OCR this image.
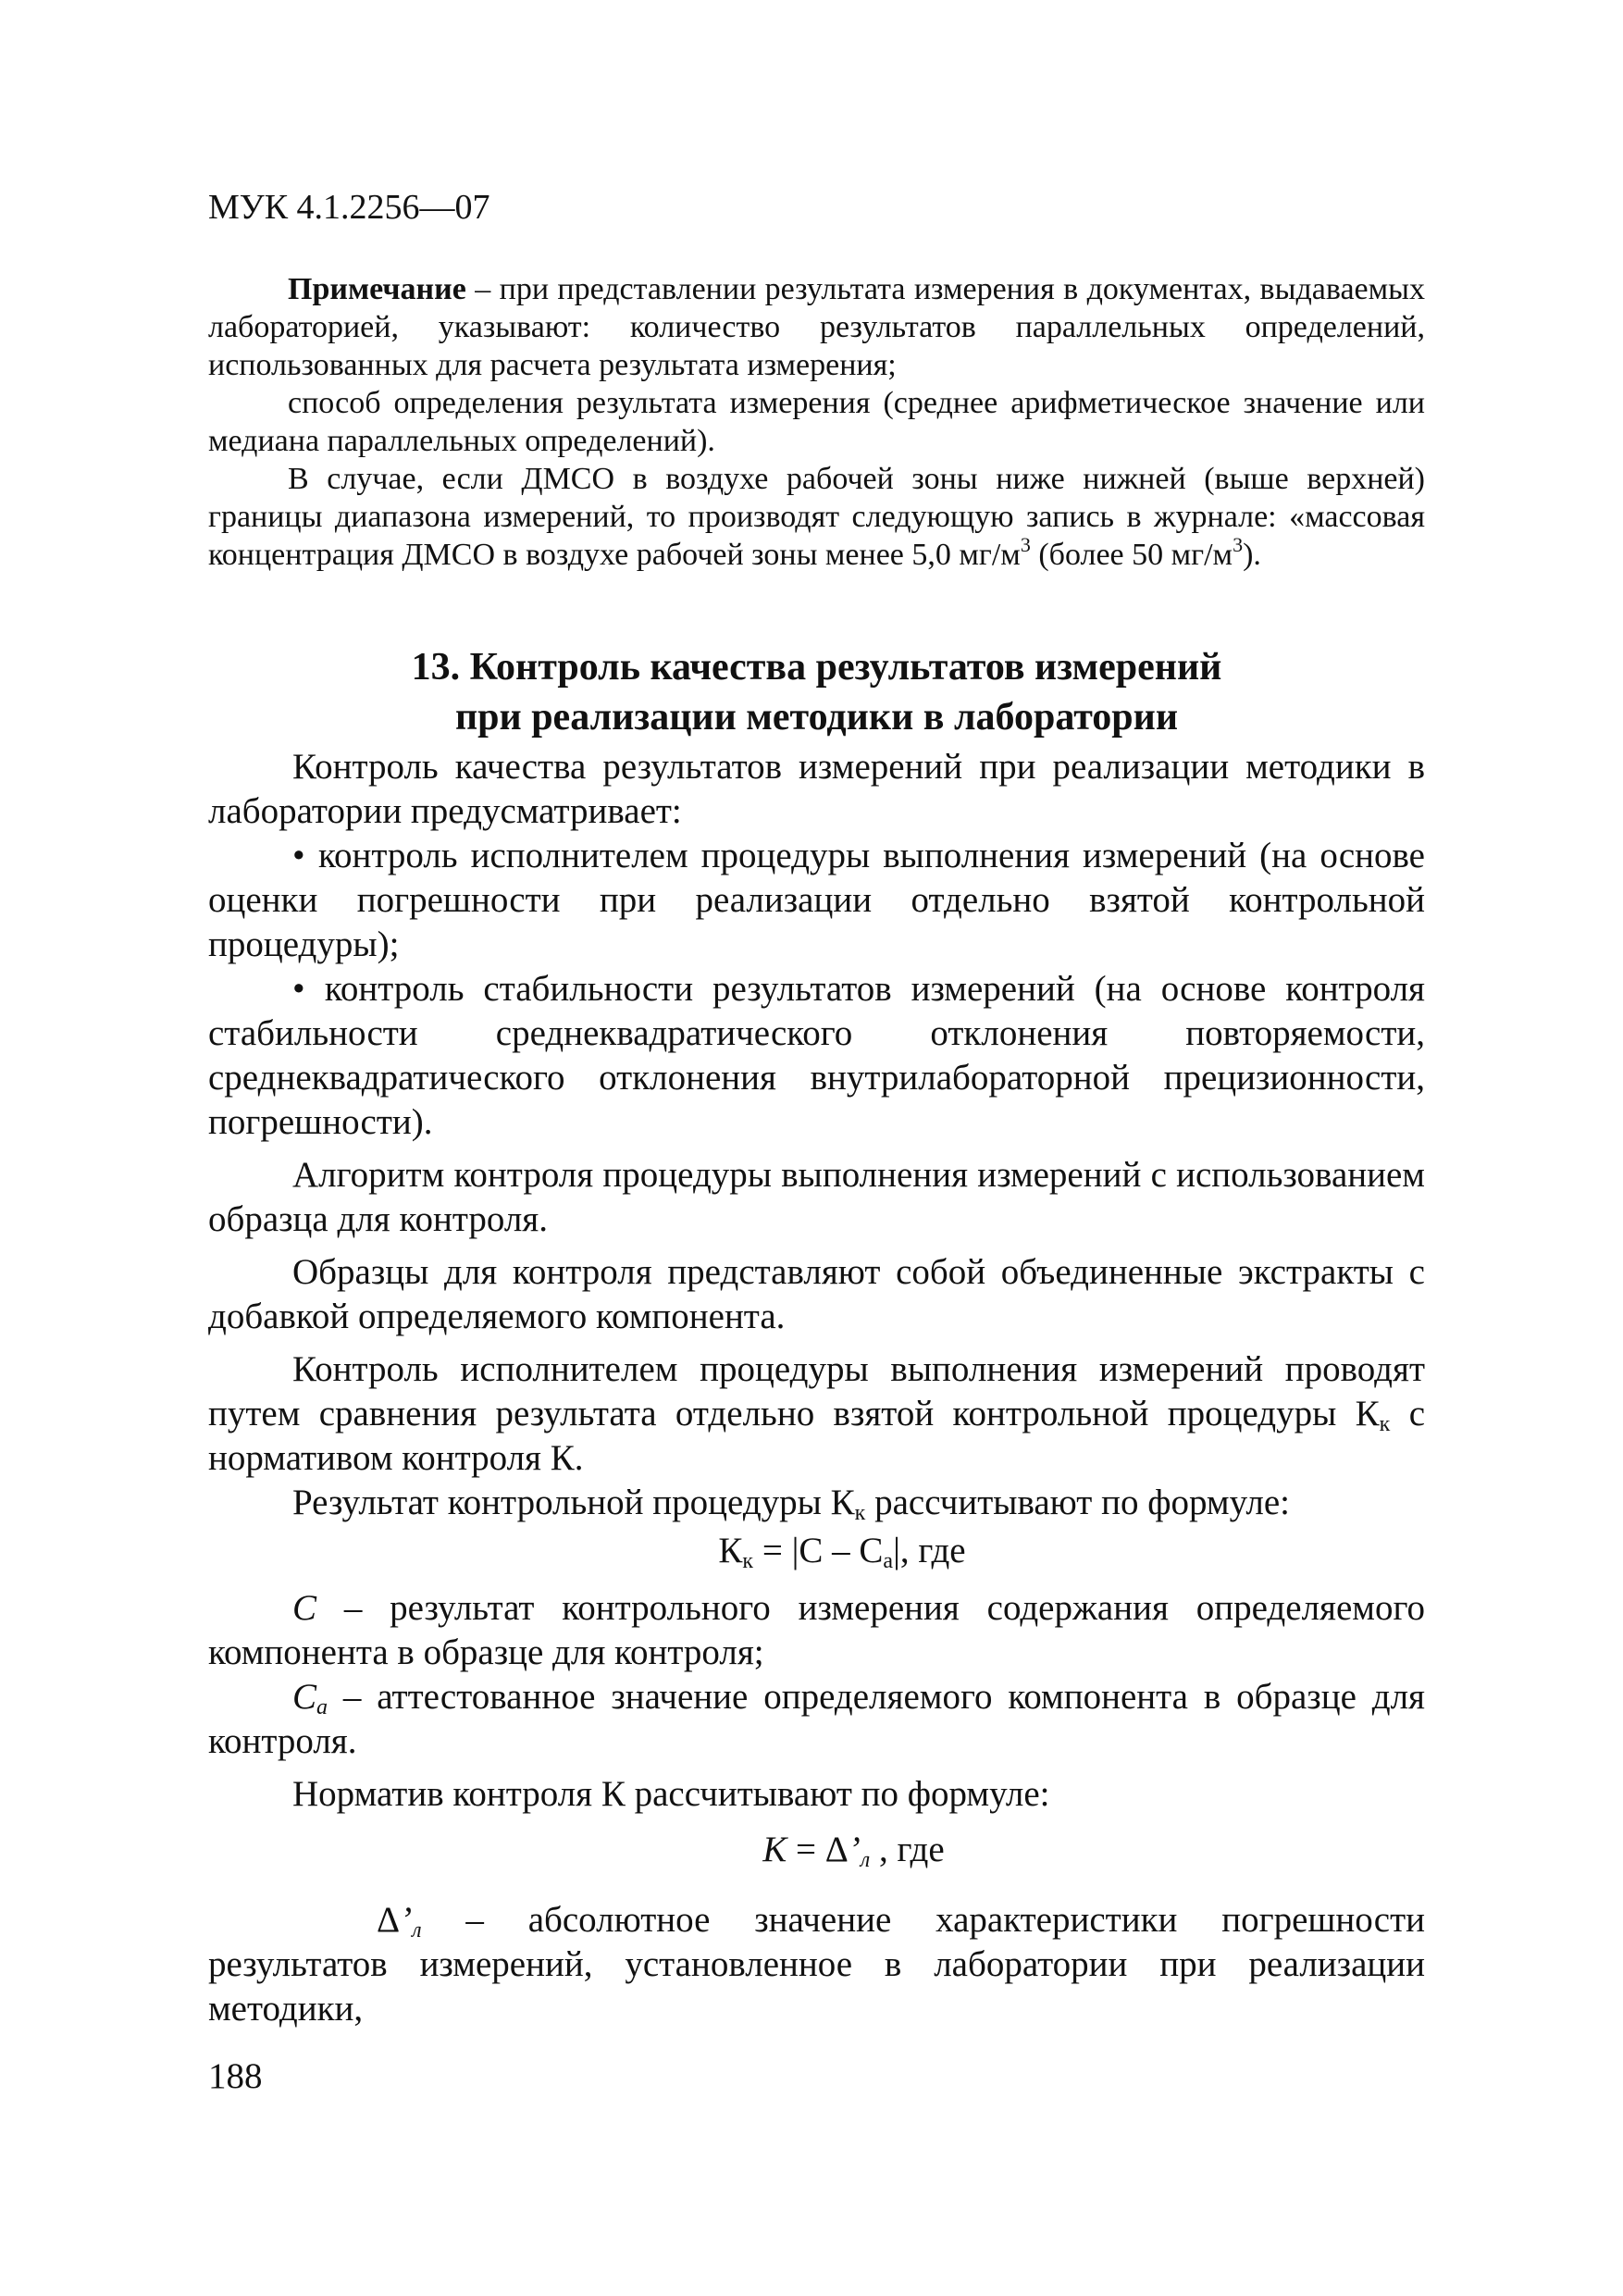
МУК 4.1.2256—07

Примечание – при представлении результата измерения в документах, выдаваемых лабораторией, указывают: количество результатов параллельных определений, использованных для расчета результата измерения;

способ определения результата измерения (среднее арифметическое значение или медиана параллельных определений).

В случае, если ДМСО в воздухе рабочей зоны ниже нижней (выше верхней) границы диапазона измерений, то производят следующую запись в журнале: «массовая концентрация ДМСО в воздухе рабочей зоны менее 5,0 $мг/м^3$ (более 50 $мг/м^3$).

13. Контроль качества результатов измерений
при реализации методики в лаборатории

Контроль качества результатов измерений при реализации методики в лаборатории предусматривает:

• контроль исполнителем процедуры выполнения измерений (на основе оценки погрешности при реализации отдельно взятой контрольной процедуры);

• контроль стабильности результатов измерений (на основе контроля стабильности среднеквадратического отклонения повторяемости, среднеквадратического отклонения внутрилабораторной прецизионности, погрешности).

Алгоритм контроля процедуры выполнения измерений с использованием образца для контроля.

Образцы для контроля представляют собой объединенные экстракты с добавкой определяемого компонента.

Контроль исполнителем процедуры выполнения измерений проводят путем сравнения результата отдельно взятой контрольной процедуры $К_к$ с нормативом контроля К.

Результат контрольной процедуры $К_к$ рассчитывают по формуле:

$К_к = |С - С_а|$, где

С – результат контрольного измерения содержания определяемого компонента в образце для контроля;

$С_а$ – аттестованное значение определяемого компонента в образце для контроля.

Норматив контроля К рассчитывают по формуле:

К = Δ’л , где

Δ’л – абсолютное значение характеристики погрешности результатов измерений, установленное в лаборатории при реализации методики,

188
